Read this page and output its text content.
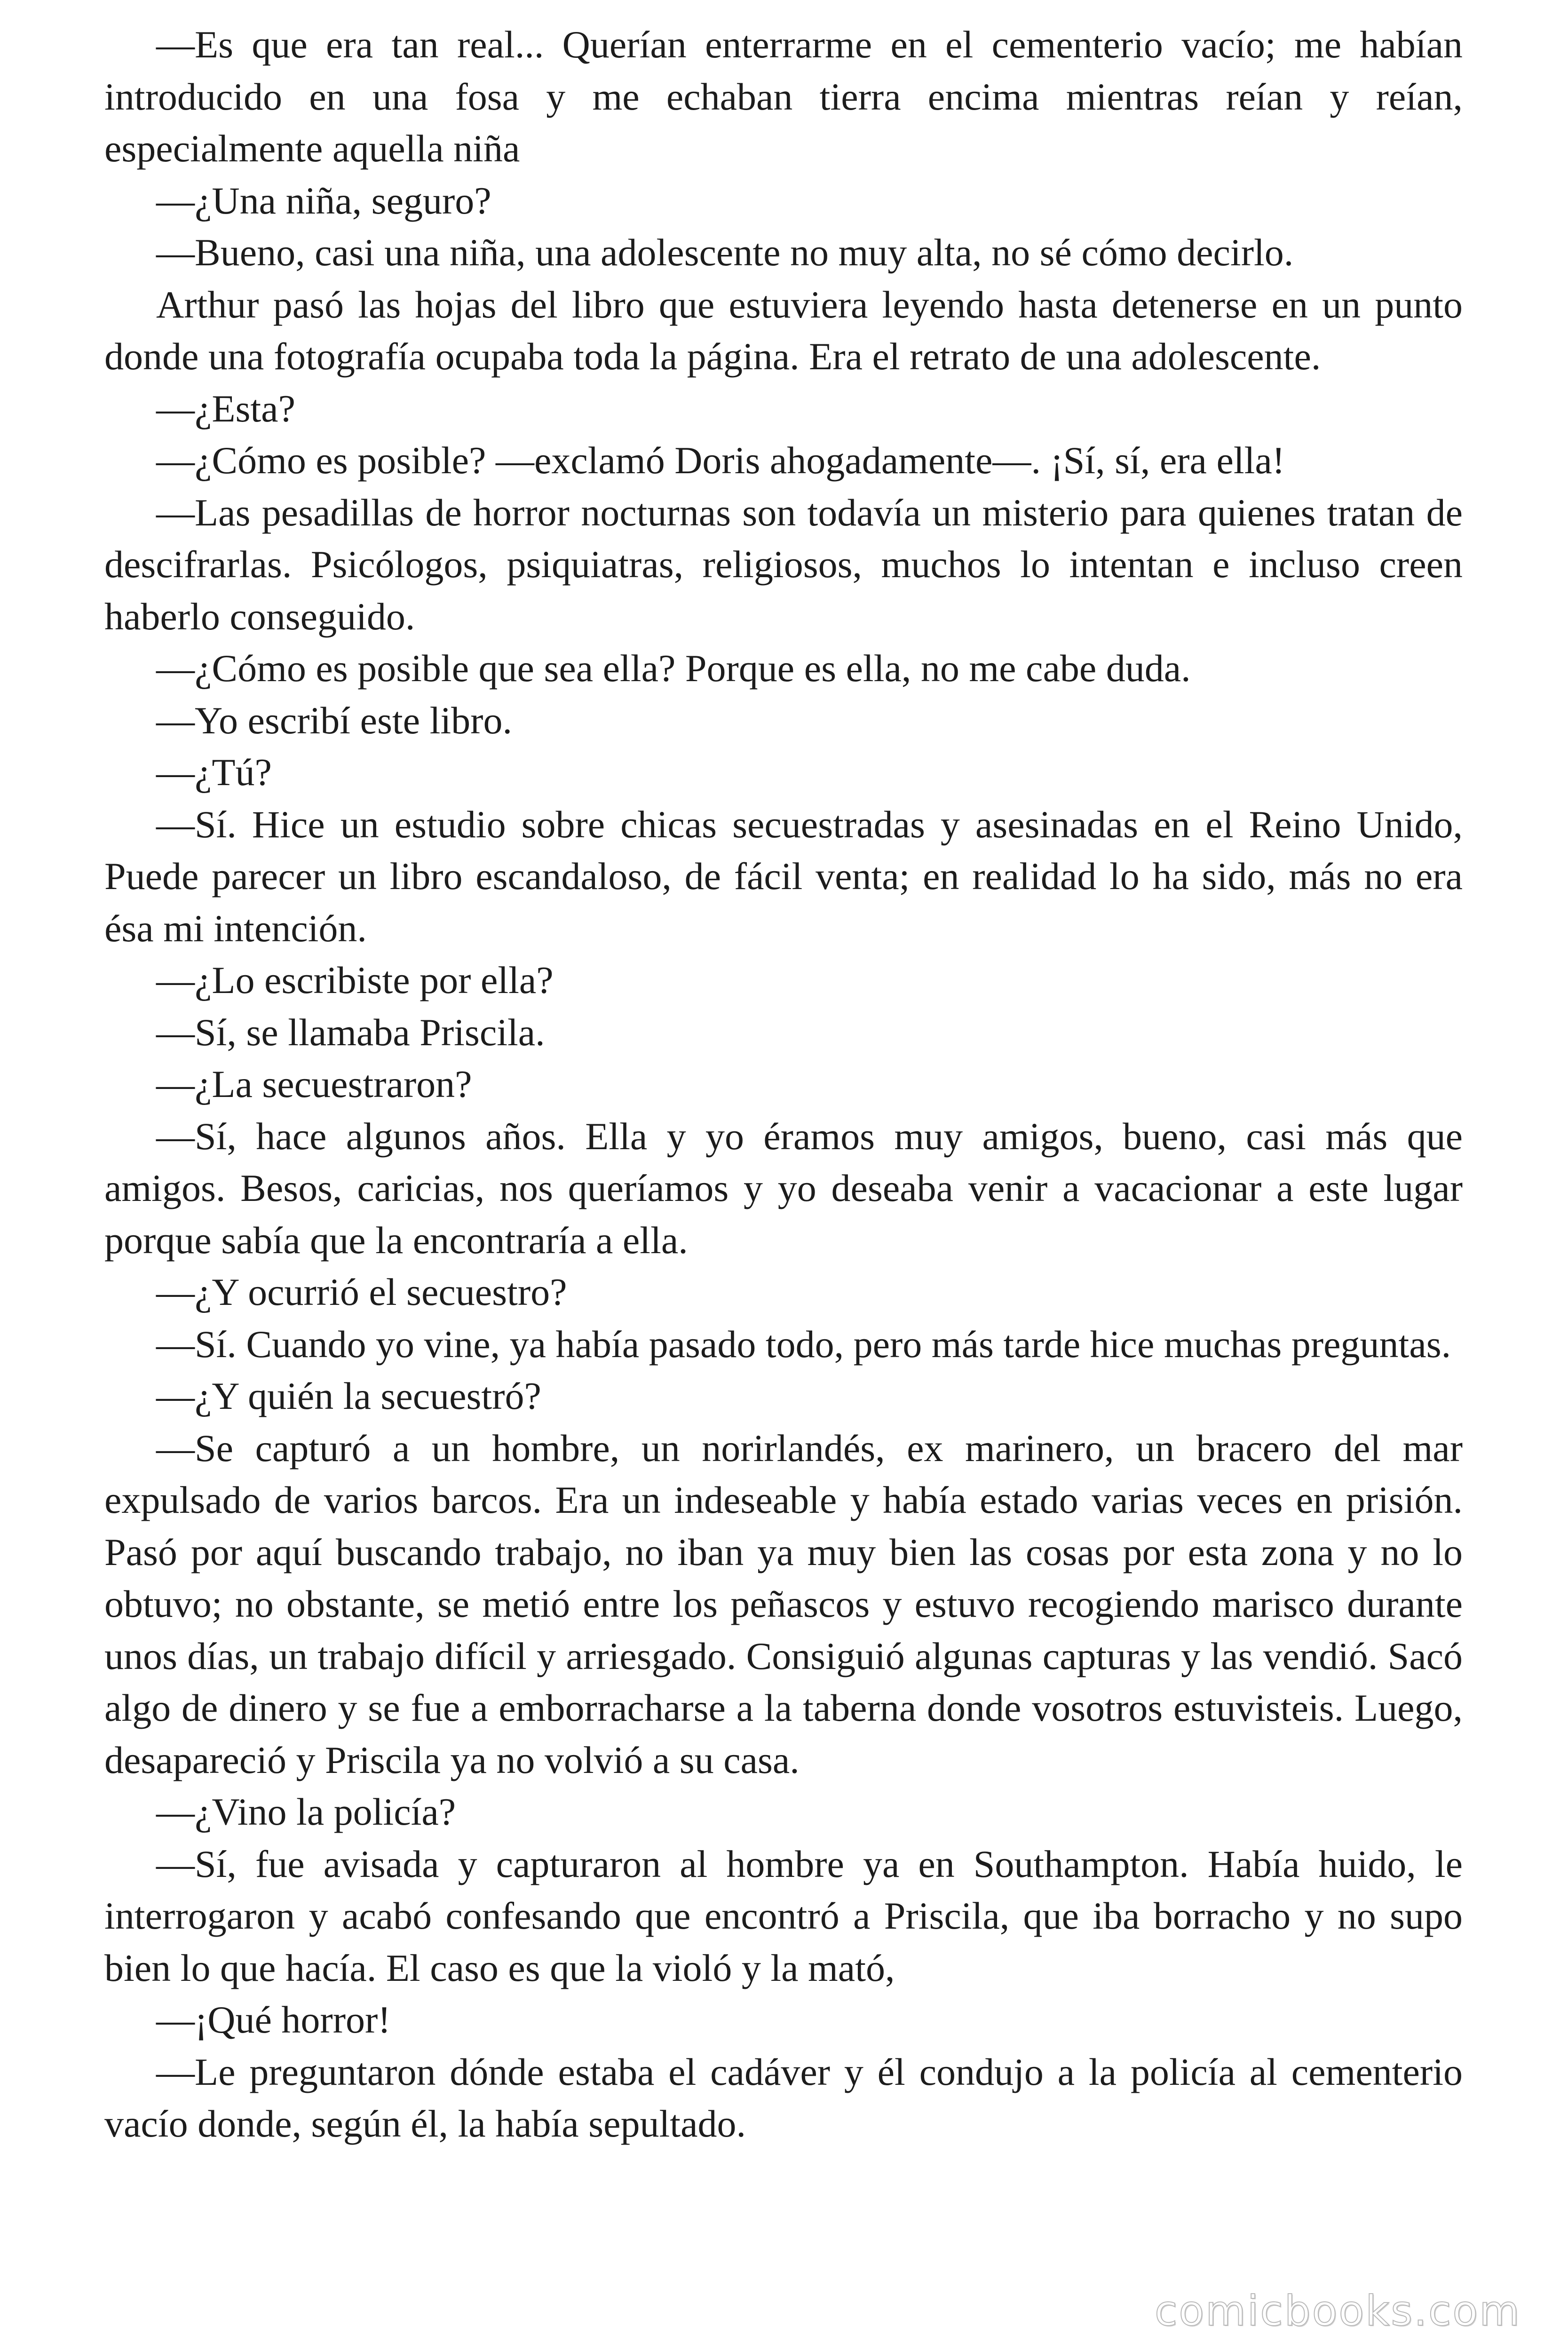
—Es que era tan real... Querían enterrarme en el cementerio vacío; me habían introducido en una fosa y me echaban tierra encima mientras reían y reían, especialmente aquella niña

—¿Una niña, seguro?

—Bueno, casi una niña, una adolescente no muy alta, no sé cómo decirlo.

Arthur pasó las hojas del libro que estuviera leyendo hasta detenerse en un punto donde una fotografía ocupaba toda la página. Era el retrato de una adolescente.

—¿Esta?

—¿Cómo es posible? —exclamó Doris ahogadamente—. ¡Sí, sí, era ella!

—Las pesadillas de horror nocturnas son todavía un misterio para quienes tratan de descifrarlas. Psicólogos, psiquiatras, religiosos, muchos lo intentan e incluso creen haberlo conseguido.

—¿Cómo es posible que sea ella? Porque es ella, no me cabe duda.

—Yo escribí este libro.

—¿Tú?

—Sí. Hice un estudio sobre chicas secuestradas y asesinadas en el Reino Unido, Puede parecer un libro escandaloso, de fácil venta; en realidad lo ha sido, más no era ésa mi intención.

—¿Lo escribiste por ella?

—Sí, se llamaba Priscila.

—¿La secuestraron?

—Sí, hace algunos años. Ella y yo éramos muy amigos, bueno, casi más que amigos. Besos, caricias, nos queríamos y yo deseaba venir a vacacionar a este lugar porque sabía que la encontraría a ella.

—¿Y ocurrió el secuestro?

—Sí. Cuando yo vine, ya había pasado todo, pero más tarde hice muchas preguntas.

—¿Y quién la secuestró?

—Se capturó a un hombre, un norirlandés, ex marinero, un bracero del mar expulsado de varios barcos. Era un indeseable y había estado varias veces en prisión. Pasó por aquí buscando trabajo, no iban ya muy bien las cosas por esta zona y no lo obtuvo; no obstante, se metió entre los peñascos y estuvo recogiendo marisco durante unos días, un trabajo difícil y arriesgado. Consiguió algunas capturas y las vendió. Sacó algo de dinero y se fue a emborracharse a la taberna donde vosotros estuvisteis. Luego, desapareció y Priscila ya no volvió a su casa.

—¿Vino la policía?

—Sí, fue avisada y capturaron al hombre ya en Southampton. Había huido, le interrogaron y acabó confesando que encontró a Priscila, que iba borracho y no supo bien lo que hacía. El caso es que la violó y la mató,

—¡Qué horror!

—Le preguntaron dónde estaba el cadáver y él condujo a la policía al cementerio vacío donde, según él, la había sepultado.

comicbooks.com
